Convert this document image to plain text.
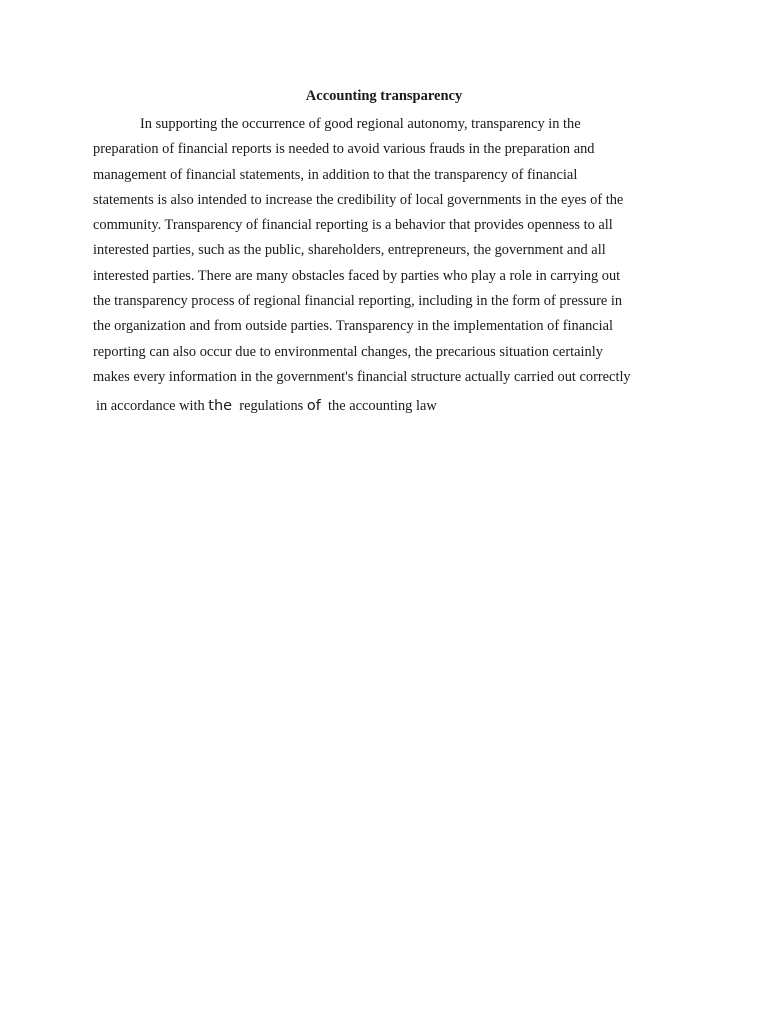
Accounting transparency

In supporting the occurrence of good regional autonomy, transparency in the
preparation of financial reports is needed to avoid various frauds in the preparation and
management of financial statements, in addition to that the transparency of financial
statements is also intended to increase the credibility of local governments in the eyes of the
community. Transparency of financial reporting is a behavior that provides openness to all
interested parties, such as the public, shareholders, entrepreneurs, the government and all
interested parties. There are many obstacles faced by parties who play a role in carrying out
the transparency process of regional financial reporting, including in the form of pressure in
the organization and from outside parties. Transparency in the implementation of financial
reporting can also occur due to environmental changes, the precarious situation certainly
makes every information in the government's financial structure actually carried out correctly

in accordance with the regulations of the accounting law
